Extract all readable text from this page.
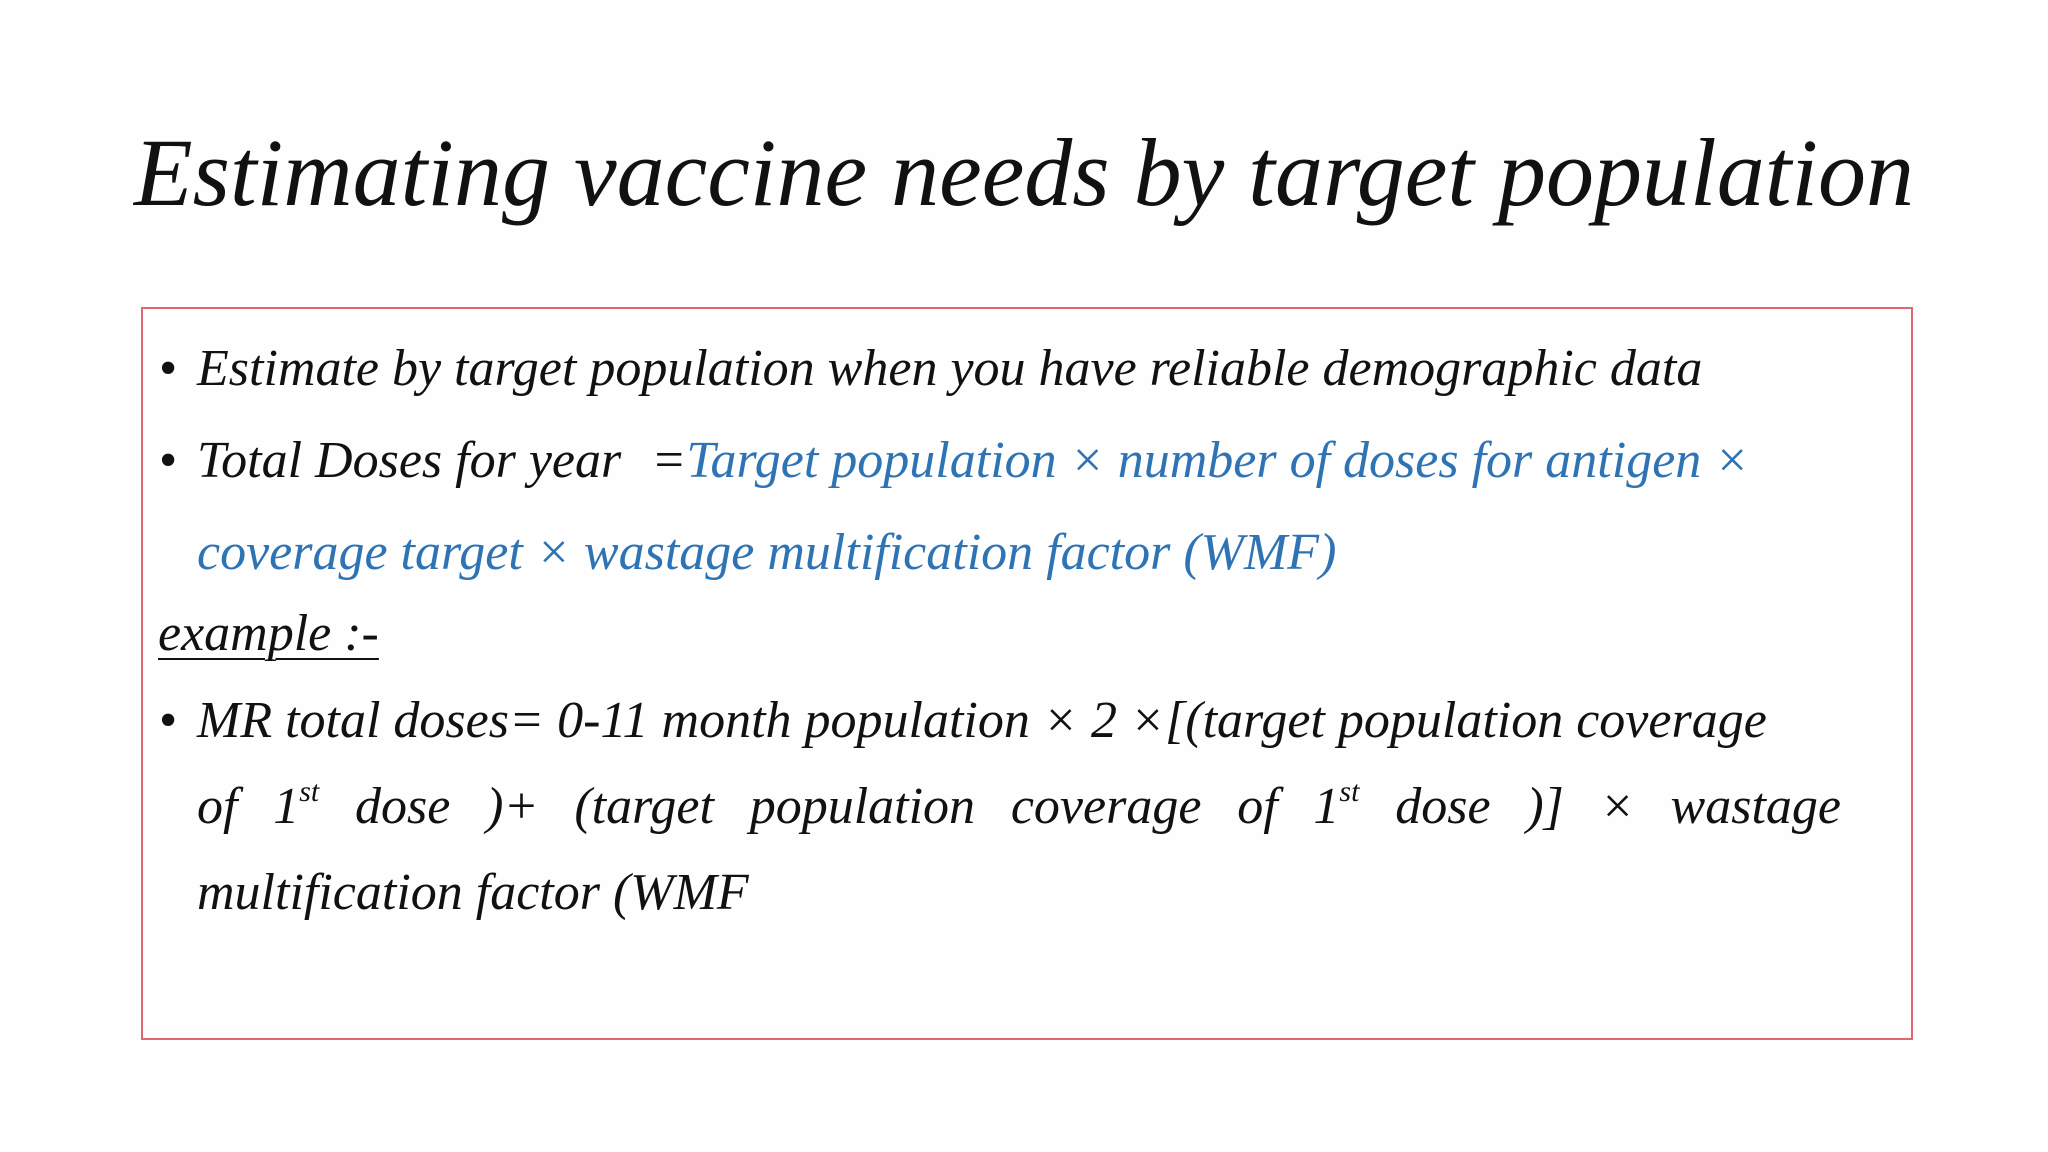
Estimating vaccine needs by target population
• Estimate by target population when you have reliable demographic data
• Total Doses for year =Target population × number of doses for antigen ×
coverage target × wastage multification factor (WMF)
example :-
• MR total doses= 0-11 month population × 2 ×[(target population coverage
of 1st dose )+ (target population coverage of 1st dose )] × wastage
multification factor (WMF
